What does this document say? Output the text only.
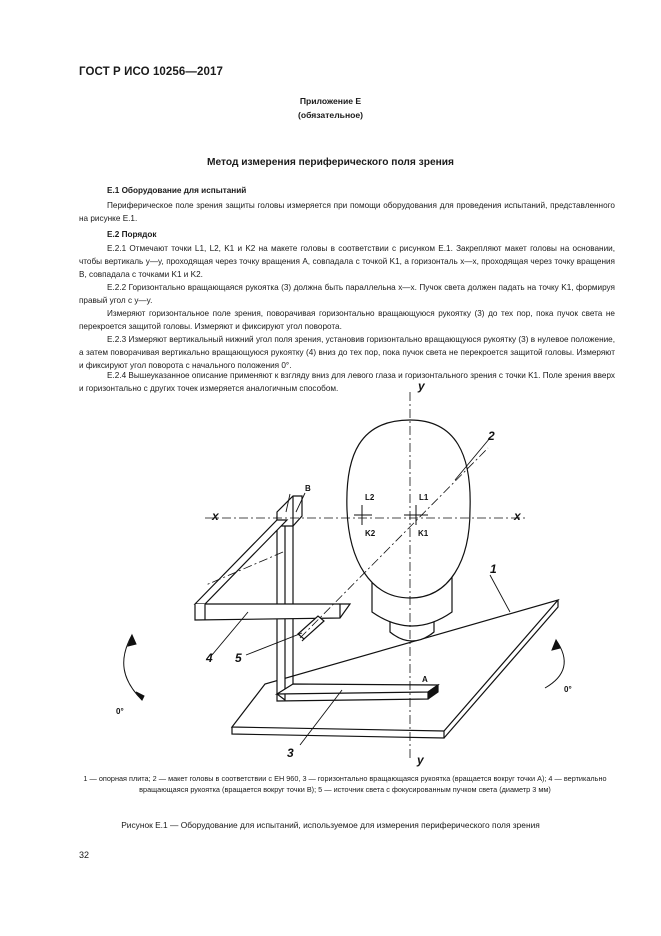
ГОСТ Р ИСО 10256—2017
Приложение Е
(обязательное)
Метод измерения периферического поля зрения
Е.1 Оборудование для испытаний
Периферическое поле зрения защиты головы измеряется при помощи оборудования для проведения испытаний, представленного на рисунке Е.1.
Е.2 Порядок
Е.2.1 Отмечают точки L1, L2, K1 и K2 на макете головы в соответствии с рисунком Е.1. Закрепляют макет головы на основании, чтобы вертикаль y—y, проходящая через точку вращения A, совпадала с точкой K1, а горизонталь x—x, проходящая через точку вращения B, совпадала с точками K1 и K2.
Е.2.2 Горизонтально вращающаяся рукоятка (3) должна быть параллельна x—x. Пучок света должен падать на точку K1, формируя правый угол с y—y.
Измеряют горизонтальное поле зрения, поворачивая горизонтально вращающуюся рукоятку (3) до тех пор, пока пучок света не перекроется защитой головы. Измеряют и фиксируют угол поворота.
Е.2.3 Измеряют вертикальный нижний угол поля зрения, установив горизонтально вращающуюся рукоятку (3) в нулевое положение, а затем поворачивая вертикально вращающуюся рукоятку (4) вниз до тех пор, пока пучок света не перекроется защитой головы. Измеряют и фиксируют угол поворота с начального положения 0°.
Е.2.4 Вышеуказанное описание применяют к взгляду вниз для левого глаза и горизонтального зрения с точки K1. Поле зрения вверх и горизонтально с других точек измеряется аналогичным способом.	y
y
x	x
2
1
3
4 5
A
B
L2	L1
K2	K1
0°
0°
1 — опорная плита; 2 — макет головы в соответствии с ЕН 960, 3 — горизонтально вращающаяся рукоятка (вращается вокруг точки А); 4 — вертикально вращающаяся рукоятка (вращается вокруг точки В); 5 — источник света с фокусированным пучком света (диаметр 3 мм)
Рисунок Е.1 — Оборудование для испытаний, используемое для измерения периферического поля зрения
32
